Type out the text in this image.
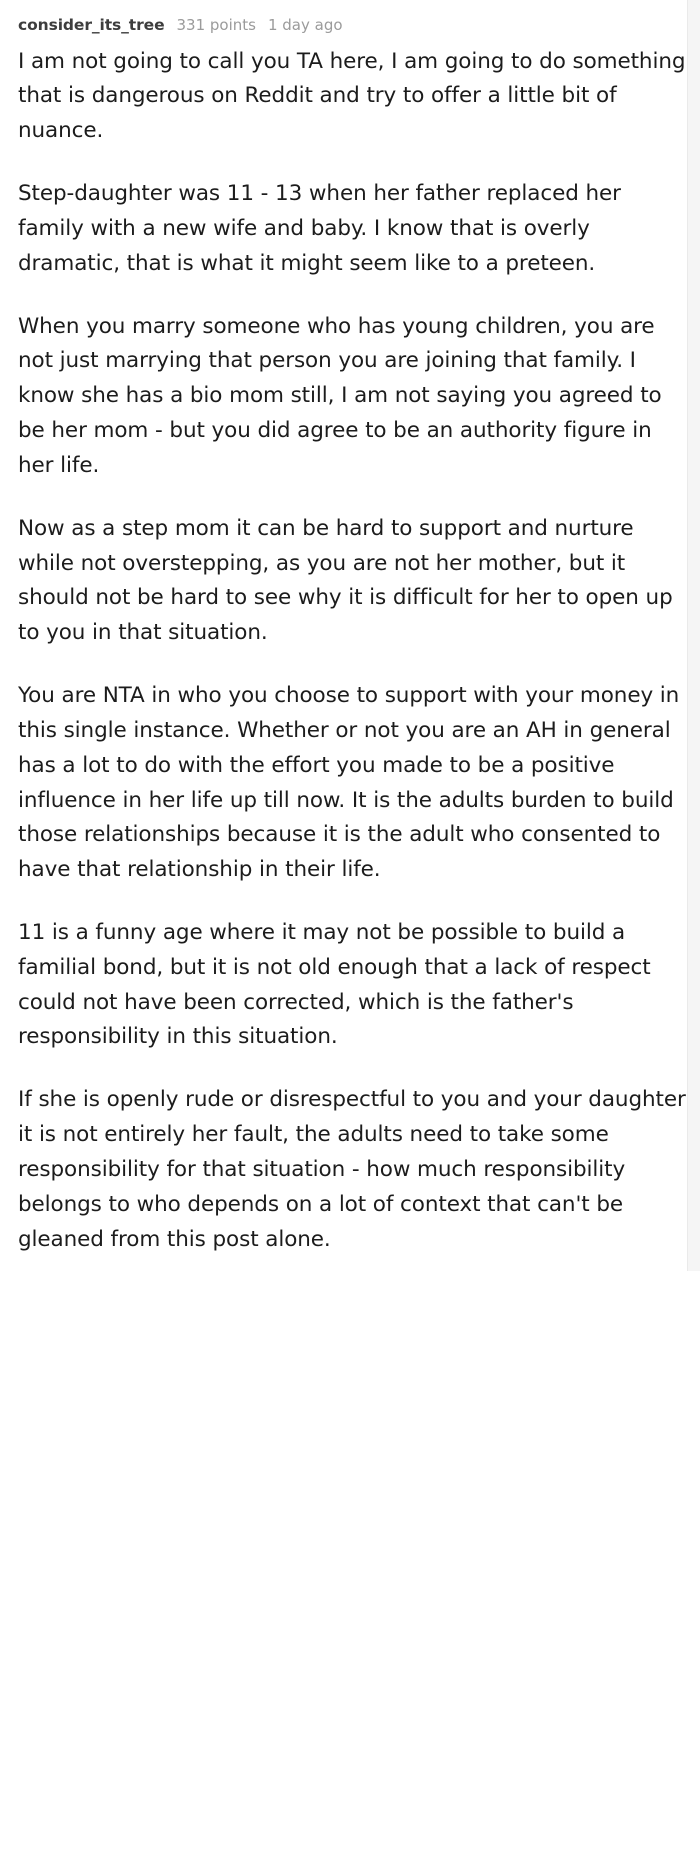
consider_its_tree 331 points 1 day ago

I am not going to call you TA here, I am going to do something that is dangerous on Reddit and try to offer a little bit of nuance.

Step-daughter was 11 - 13 when her father replaced her family with a new wife and baby. I know that is overly dramatic, that is what it might seem like to a preteen.

When you marry someone who has young children, you are not just marrying that person you are joining that family. I know she has a bio mom still, I am not saying you agreed to be her mom - but you did agree to be an authority figure in her life.

Now as a step mom it can be hard to support and nurture while not overstepping, as you are not her mother, but it should not be hard to see why it is difficult for her to open up to you in that situation.

You are NTA in who you choose to support with your money in this single instance. Whether or not you are an AH in general has a lot to do with the effort you made to be a positive influence in her life up till now. It is the adults burden to build those relationships because it is the adult who consented to have that relationship in their life.

11 is a funny age where it may not be possible to build a familial bond, but it is not old enough that a lack of respect could not have been corrected, which is the father's responsibility in this situation.

If she is openly rude or disrespectful to you and your daughter it is not entirely her fault, the adults need to take some responsibility for that situation - how much responsibility belongs to who depends on a lot of context that can't be gleaned from this post alone.
